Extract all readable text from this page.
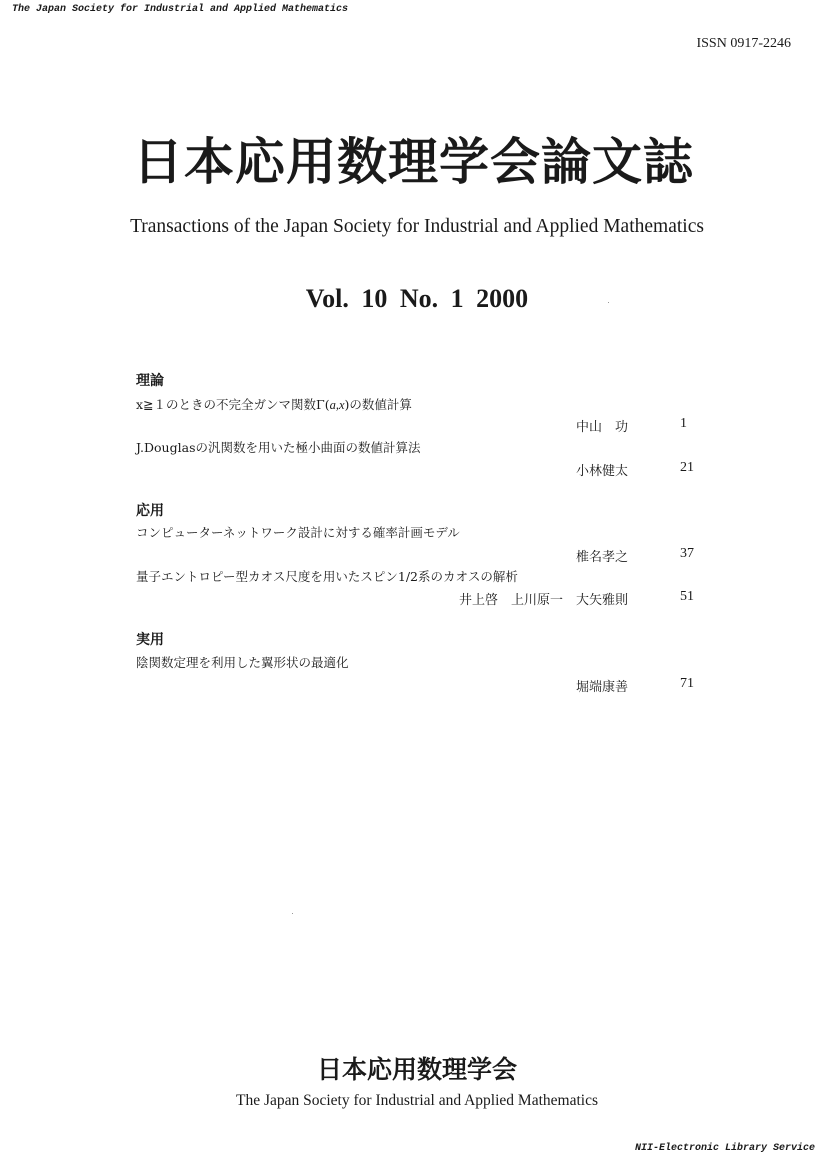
The Japan Society for Industrial and Applied Mathematics
ISSN 0917-2246
日本応用数理学会論文誌
Transactions of the Japan Society for Industrial and Applied Mathematics
Vol. 10 No. 1 2000
理論
x≧１のときの不完全ガンマ関数Γ(a,x)の数値計算
中山　功	1
J.Douglasの汎関数を用いた極小曲面の数値計算法
小林健太	21
応用
コンピューターネットワーク設計に対する確率計画モデル
椎名孝之	37
量子エントロピー型カオス尺度を用いたスピン1/2系のカオスの解析
井上啓　上川原一　大矢雅則	51
実用
陰関数定理を利用した翼形状の最適化
堀端康善	71
日本応用数理学会
The Japan Society for Industrial and Applied Mathematics
NII-Electronic Library Service
